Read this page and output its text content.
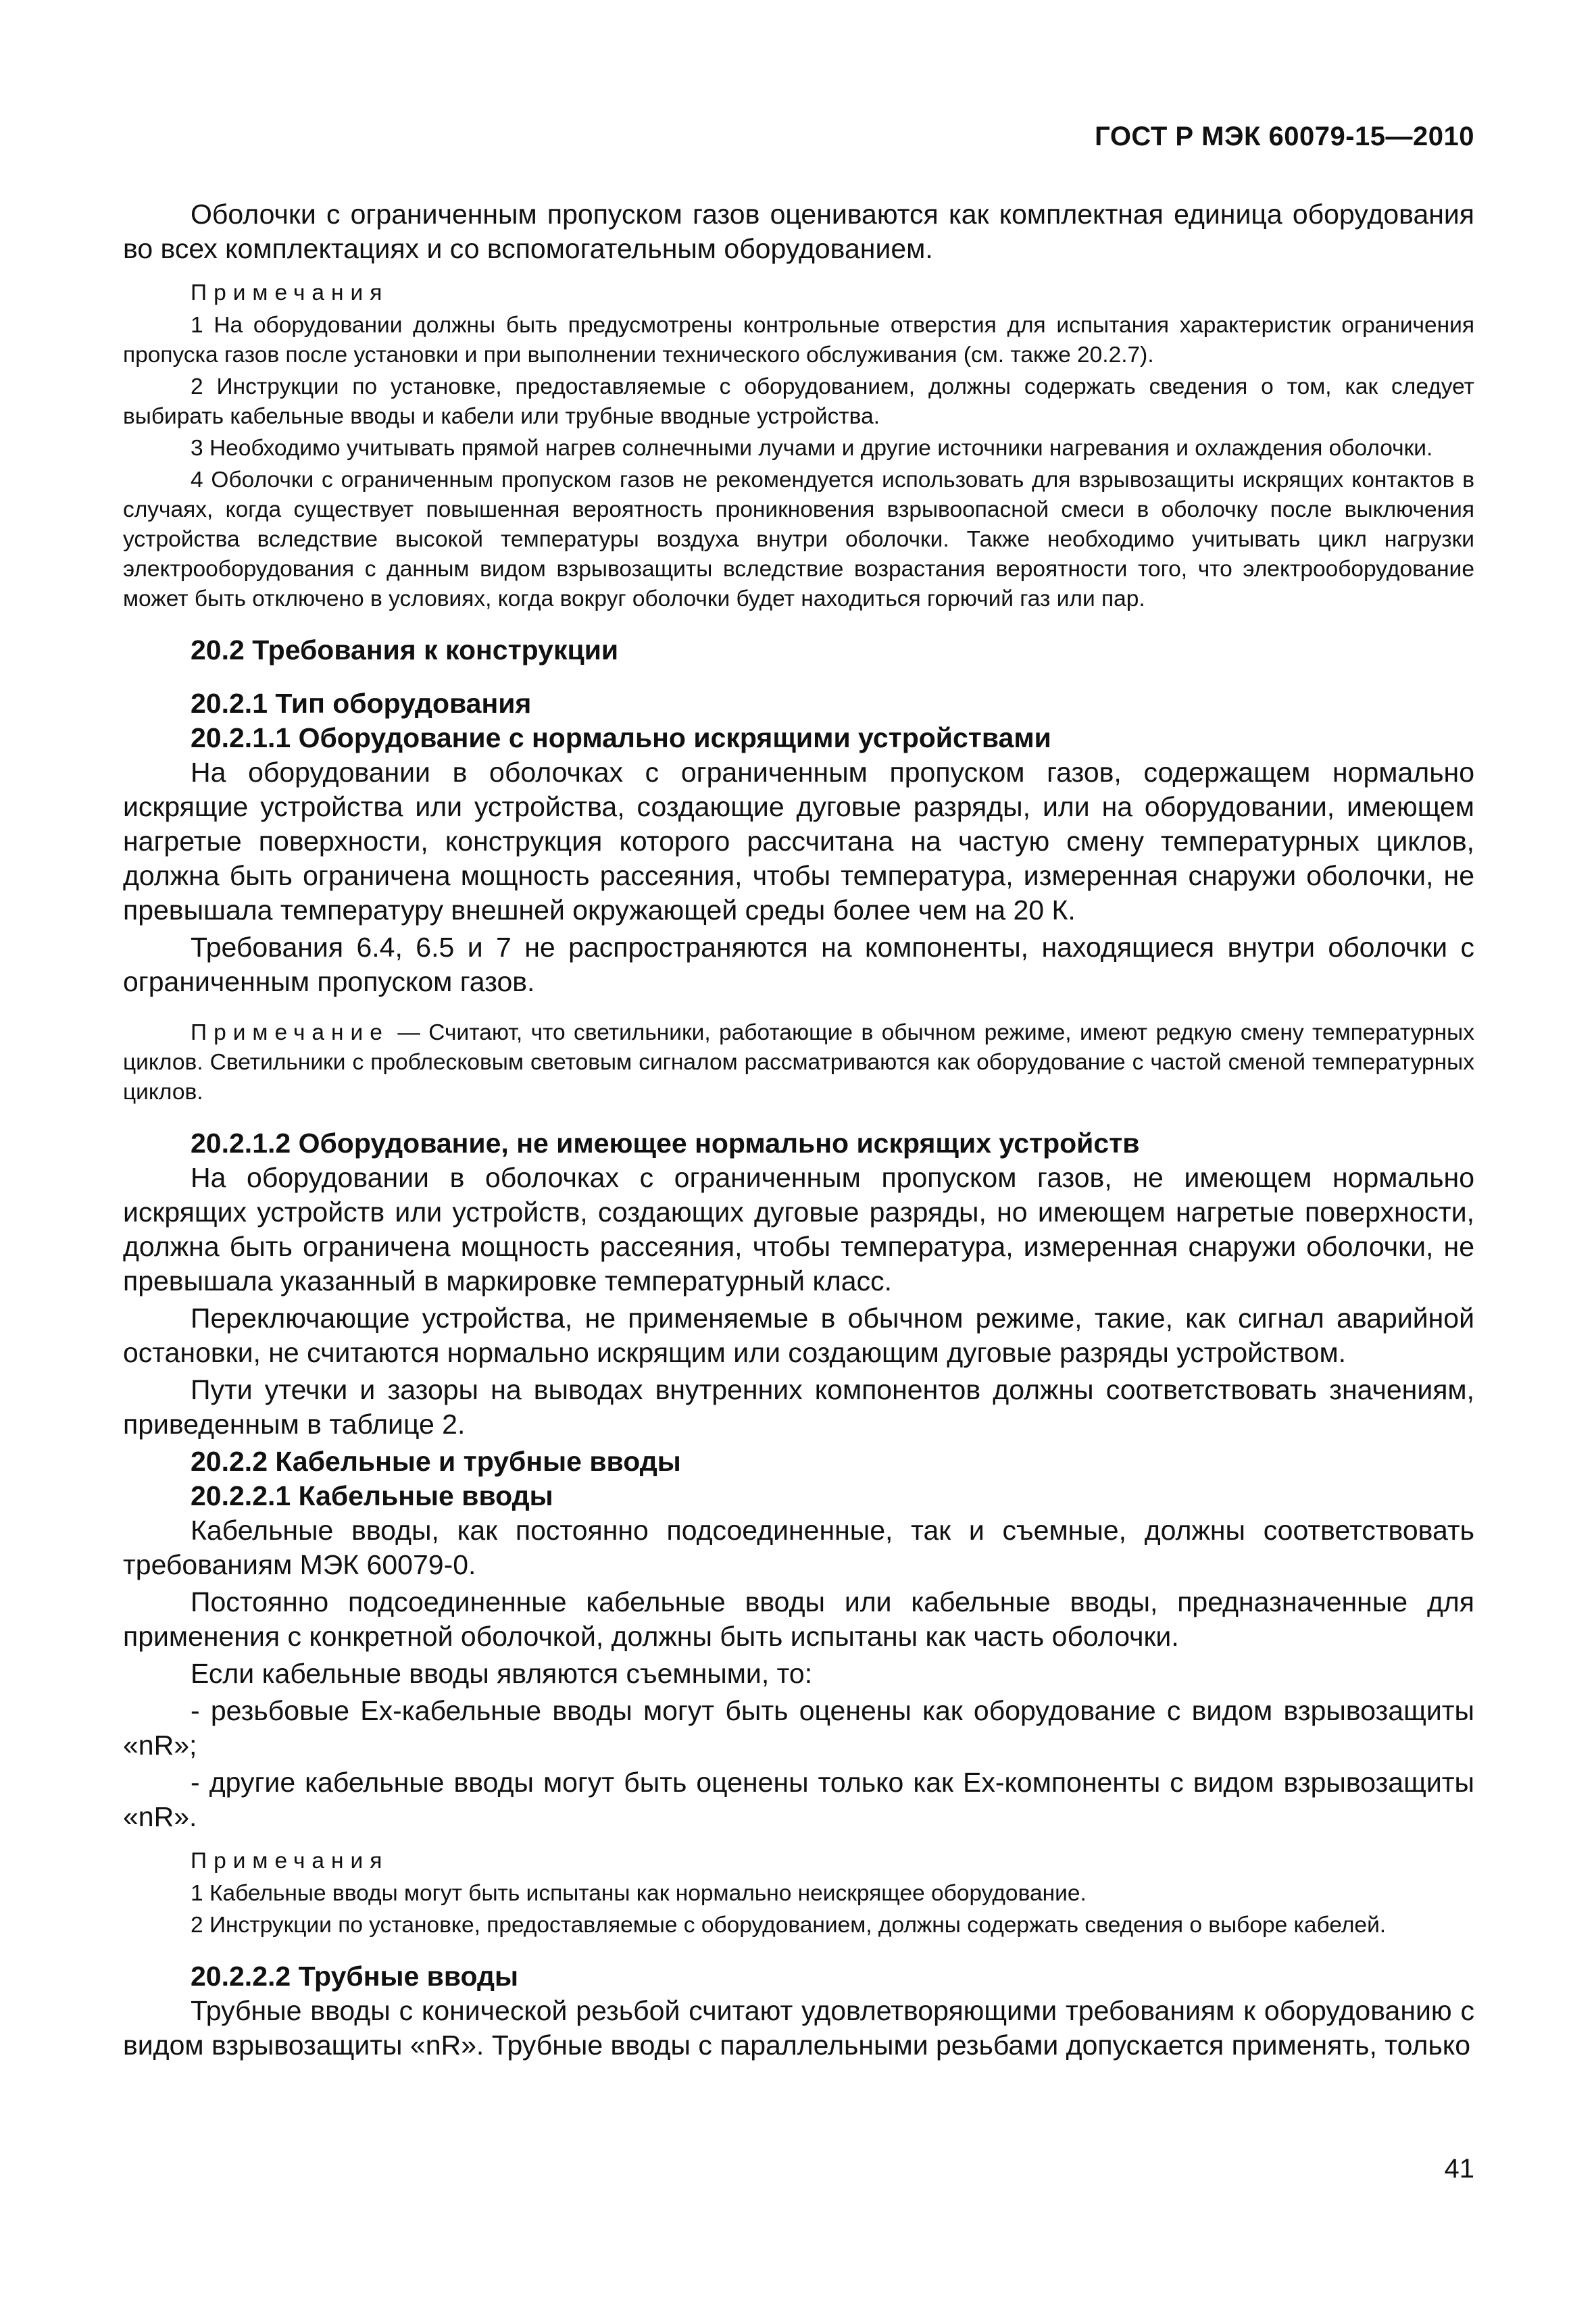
ГОСТ Р МЭК 60079-15—2010

Оболочки с ограниченным пропуском газов оцениваются как комплектная единица оборудования во всех комплектациях и со вспомогательным оборудованием.

Примечания

1 На оборудовании должны быть предусмотрены контрольные отверстия для испытания характеристик ограничения пропуска газов после установки и при выполнении технического обслуживания (см. также 20.2.7).

2 Инструкции по установке, предоставляемые с оборудованием, должны содержать сведения о том, как следует выбирать кабельные вводы и кабели или трубные вводные устройства.

3 Необходимо учитывать прямой нагрев солнечными лучами и другие источники нагревания и охлаждения оболочки.

4 Оболочки с ограниченным пропуском газов не рекомендуется использовать для взрывозащиты искрящих контактов в случаях, когда существует повышенная вероятность проникновения взрывоопасной смеси в оболочку после выключения устройства вследствие высокой температуры воздуха внутри оболочки. Также необходимо учитывать цикл нагрузки электрооборудования с данным видом взрывозащиты вследствие возрастания вероятности того, что электрооборудование может быть отключено в условиях, когда вокруг оболочки будет находиться горючий газ или пар.

20.2 Требования к конструкции
20.2.1 Тип оборудования
20.2.1.1 Оборудование с нормально искрящими устройствами

На оборудовании в оболочках с ограниченным пропуском газов, содержащем нормально искрящие устройства или устройства, создающие дуговые разряды, или на оборудовании, имеющем нагретые поверхности, конструкция которого рассчитана на частую смену температурных циклов, должна быть ограничена мощность рассеяния, чтобы температура, измеренная снаружи оболочки, не превышала температуру внешней окружающей среды более чем на 20 К.

Требования 6.4, 6.5 и 7 не распространяются на компоненты, находящиеся внутри оболочки с ограниченным пропуском газов.

Примечание — Считают, что светильники, работающие в обычном режиме, имеют редкую смену температурных циклов. Светильники с проблесковым световым сигналом рассматриваются как оборудование с частой сменой температурных циклов.

20.2.1.2 Оборудование, не имеющее нормально искрящих устройств

На оборудовании в оболочках с ограниченным пропуском газов, не имеющем нормально искрящих устройств или устройств, создающих дуговые разряды, но имеющем нагретые поверхности, должна быть ограничена мощность рассеяния, чтобы температура, измеренная снаружи оболочки, не превышала указанный в маркировке температурный класс.

Переключающие устройства, не применяемые в обычном режиме, такие, как сигнал аварийной остановки, не считаются нормально искрящим или создающим дуговые разряды устройством.

Пути утечки и зазоры на выводах внутренних компонентов должны соответствовать значениям, приведенным в таблице 2.

20.2.2 Кабельные и трубные вводы
20.2.2.1 Кабельные вводы

Кабельные вводы, как постоянно подсоединенные, так и съемные, должны соответствовать требованиям МЭК 60079-0.

Постоянно подсоединенные кабельные вводы или кабельные вводы, предназначенные для применения с конкретной оболочкой, должны быть испытаны как часть оболочки.

Если кабельные вводы являются съемными, то:

- резьбовые Ex-кабельные вводы могут быть оценены как оборудование с видом взрывозащиты «nR»;

- другие кабельные вводы могут быть оценены только как Ex-компоненты с видом взрывозащиты «nR».

Примечания

1 Кабельные вводы могут быть испытаны как нормально неискрящее оборудование.

2 Инструкции по установке, предоставляемые с оборудованием, должны содержать сведения о выборе кабелей.

20.2.2.2 Трубные вводы

Трубные вводы с конической резьбой считают удовлетворяющими требованиям к оборудованию с видом взрывозащиты «nR». Трубные вводы с параллельными резьбами допускается применять, только

41
